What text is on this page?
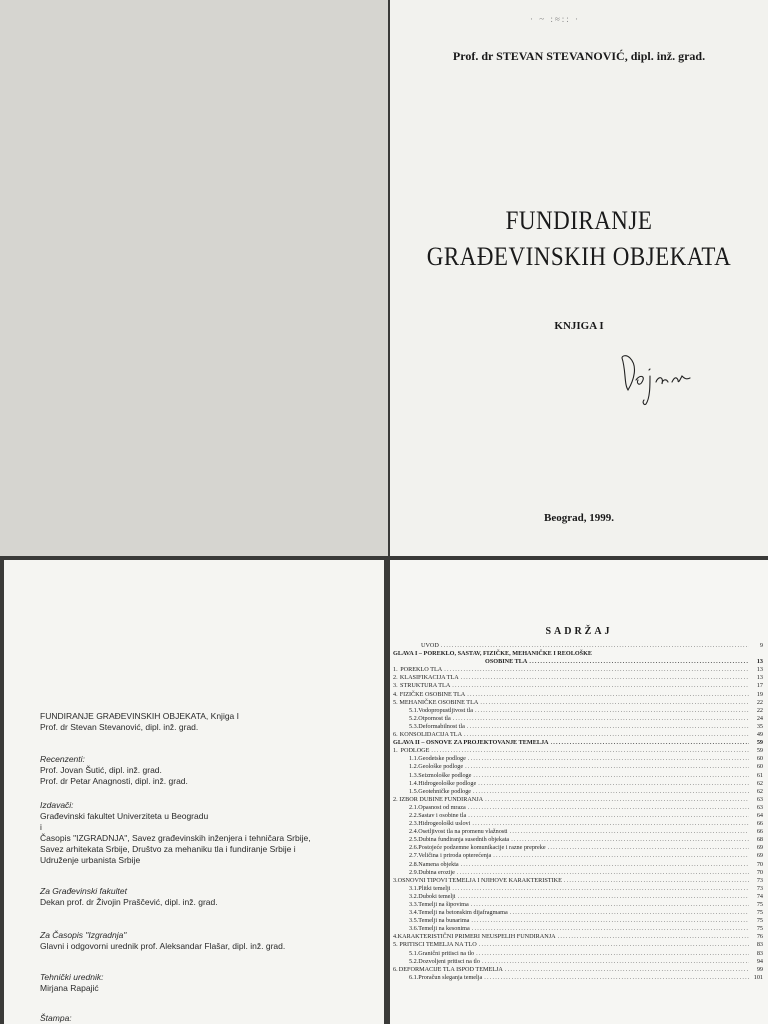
· ~ :≈:: ·
Prof. dr STEVAN STEVANOVIĆ, dipl. inž. grad.
FUNDIRANJE
GRAĐEVINSKIH OBJEKATA
KNJIGA I
Beograd, 1999.
FUNDIRANJE GRAĐEVINSKIH OBJEKATA, Knjiga I
Prof. dr Stevan Stevanović, dipl. inž. grad.
Recenzenti:
Prof. Jovan Šutić, dipl. inž. grad.
Prof. dr Petar Anagnosti, dipl. inž. grad.
Izdavači:
Građevinski fakultet Univerziteta u Beogradu
i
Časopis "IZGRADNJA", Savez građevinskih inženjera i tehničara Srbije,
Savez arhitekata Srbije, Društvo za mehaniku tla i fundiranje Srbije i
Udruženje urbanista Srbije
Za Građevinski fakultet
Dekan prof. dr Živojin Praščević, dipl. inž. grad.
Za Časopis "Izgradnja"
Glavni i odgovorni urednik prof. Aleksandar Flašar, dipl. inž. grad.
Tehnički urednik:
Mirjana Rapajić
Štampa:
SADRŽAJ
UVOD .....	9
GLAVA I – POREKLO, SASTAV, FIZIČKE, MEHANIČKE I REOLOŠKE
OSOBINE TLA .....	13
1. POREKLO TLA .....	13
2. KLASIFIKACIJA TLA .....	13
3. STRUKTURA TLA .....	17
4. FIZIČKE OSOBINE TLA .....	19
5. MEHANIČKE OSOBINE TLA .....	22
5.1. Vodopropustljivost tla .....	22
5.2. Otpornost tla .....	24
5.3. Deformabilnost tla .....	35
6. KONSOLIDACIJA TLA .....	49
GLAVA II – OSNOVE ZA PROJEKTOVANJE TEMELJA .....	59
1. PODLOGE .....	59
1.1. Geodetske podloge .....	60
1.2. Geološke podloge .....	60
1.3. Seizmološke podloge .....	61
1.4. Hidrogeološke podloge .....	62
1.5. Geotehničke podloge .....	62
2. IZBOR DUBINE FUNDIRANJA .....	63
2.1. Opasnost od mraza .....	63
2.2. Sastav i osobine tla .....	64
2.3. Hidrogeološki uslovi .....	66
2.4. Osetljivost tla na promenu vlažnosti .....	66
2.5. Dubina fundiranja susednih objekata .....	68
2.6. Postojeće podzemne komunikacije i razne prepreke .....	69
2.7. Veličina i priroda opterećenja .....	69
2.8. Namena objekta .....	70
2.9. Dubina erozije .....	70
3. OSNOVNI TIPOVI TEMELJA I NJIHOVE KARAKTERISTIKE .....	73
3.1. Plitki temelji .....	73
3.2. Duboki temelji .....	74
3.3. Temelji na šipovima .....	75
3.4. Temelji na betonskim dijafragmama .....	75
3.5. Temelji na bunarima .....	75
3.6. Temelji na kesonima .....	75
4. KARAKTERISTIČNI PRIMERI NEUSPELIH FUNDIRANJA .....	76
5. PRITISCI TEMELJA NA TLO .....	83
5.1. Granični pritisci na tlo .....	83
5.2. Dozvoljeni pritisci na tlo .....	94
6. DEFORMACIJE TLA ISPOD TEMELJA .....	99
6.1. Proračun sleganja temelja .....	101
